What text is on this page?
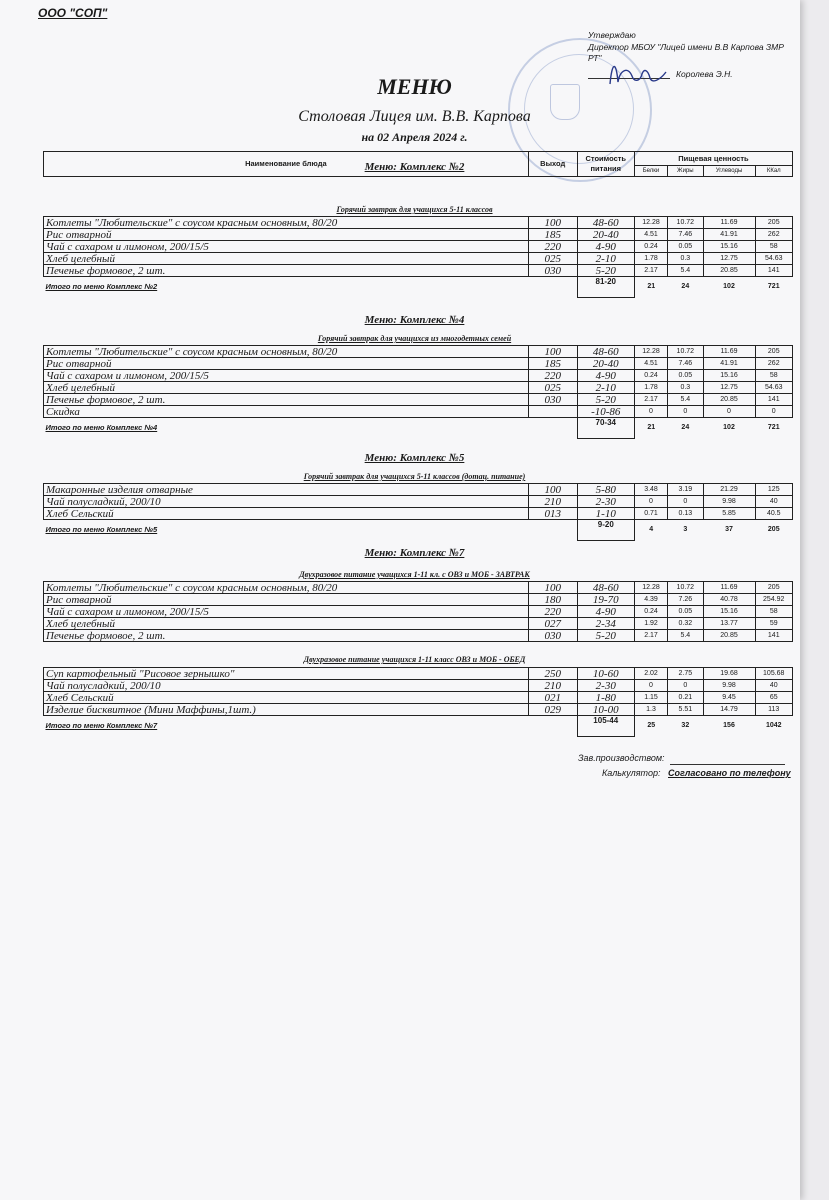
ООО "СОП"
Утверждаю
Директор МБОУ "Лицей имени В.В Карпова ЗМР
РТ"
Королева Э.Н.
МЕНЮ
Столовая Лицея им. В.В. Карпова
на 02 Апреля 2024 г.
Наименование блюда	Выход	Стоимость
питания	Пищевая ценность			
			Белки	Жиры	Углеводы	ККал
Меню: Комплекс №2
Горячий завтрак для учащихся 5-11 классов
Котлеты "Любительские" с соусом красным основным, 80/20	100	48-60	12.28	10.72	11.69	205
Рис отварной	185	20-40	4.51	7.46	41.91	262
Чай с сахаром и лимоном, 200/15/5	220	4-90	0.24	0.05	15.16	58
Хлеб целебный	025	2-10	1.78	0.3	12.75	54.63
Печенье формовое, 2 шт.	030	5-20	2.17	5.4	20.85	141
Итого по меню Комплекс №2		81-20	21	24	102	721
Меню: Комплекс №4
Горячий завтрак для учащихся из многодетных семей
Котлеты "Любительские" с соусом красным основным, 80/20	100	48-60	12.28	10.72	11.69	205
Рис отварной	185	20-40	4.51	7.46	41.91	262
Чай с сахаром и лимоном, 200/15/5	220	4-90	0.24	0.05	15.16	58
Хлеб целебный	025	2-10	1.78	0.3	12.75	54.63
Печенье формовое, 2 шт.	030	5-20	2.17	5.4	20.85	141
Скидка		-10-86	0	0	0	0
Итого по меню Комплекс №4		70-34	21	24	102	721
Меню: Комплекс №5
Горячий завтрак для учащихся 5-11 классов (дотац. питание)
Макаронные изделия отварные	100	5-80	3.48	3.19	21.29	125
Чай полусладкий, 200/10	210	2-30	0	0	9.98	40
Хлеб Сельский	013	1-10	0.71	0.13	5.85	40.5
Итого по меню Комплекс №5		9-20	4	3	37	205
Меню: Комплекс №7
Двухразовое питание учащихся 1-11 кл. с ОВЗ и МОБ - ЗАВТРАК
Котлеты "Любительские" с соусом красным основным, 80/20	100	48-60	12.28	10.72	11.69	205
Рис отварной	180	19-70	4.39	7.26	40.78	254.92
Чай с сахаром и лимоном, 200/15/5	220	4-90	0.24	0.05	15.16	58
Хлеб целебный	027	2-34	1.92	0.32	13.77	59
Печенье формовое, 2 шт.	030	5-20	2.17	5.4	20.85	141
Двухразовое питание учащихся 1-11 класс ОВЗ и МОБ - ОБЕД
Суп картофельный "Рисовое зернышко"	250	10-60	2.02	2.75	19.68	105.68
Чай полусладкий, 200/10	210	2-30	0	0	9.98	40
Хлеб Сельский	021	1-80	1.15	0.21	9.45	65
Изделие бисквитное (Мини Маффины,1шт.)	029	10-00	1.3	5.51	14.79	113
Итого по меню Комплекс №7		105-44	25	32	156	1042
Зав.производством:
Калькулятор: Согласовано по телефону
